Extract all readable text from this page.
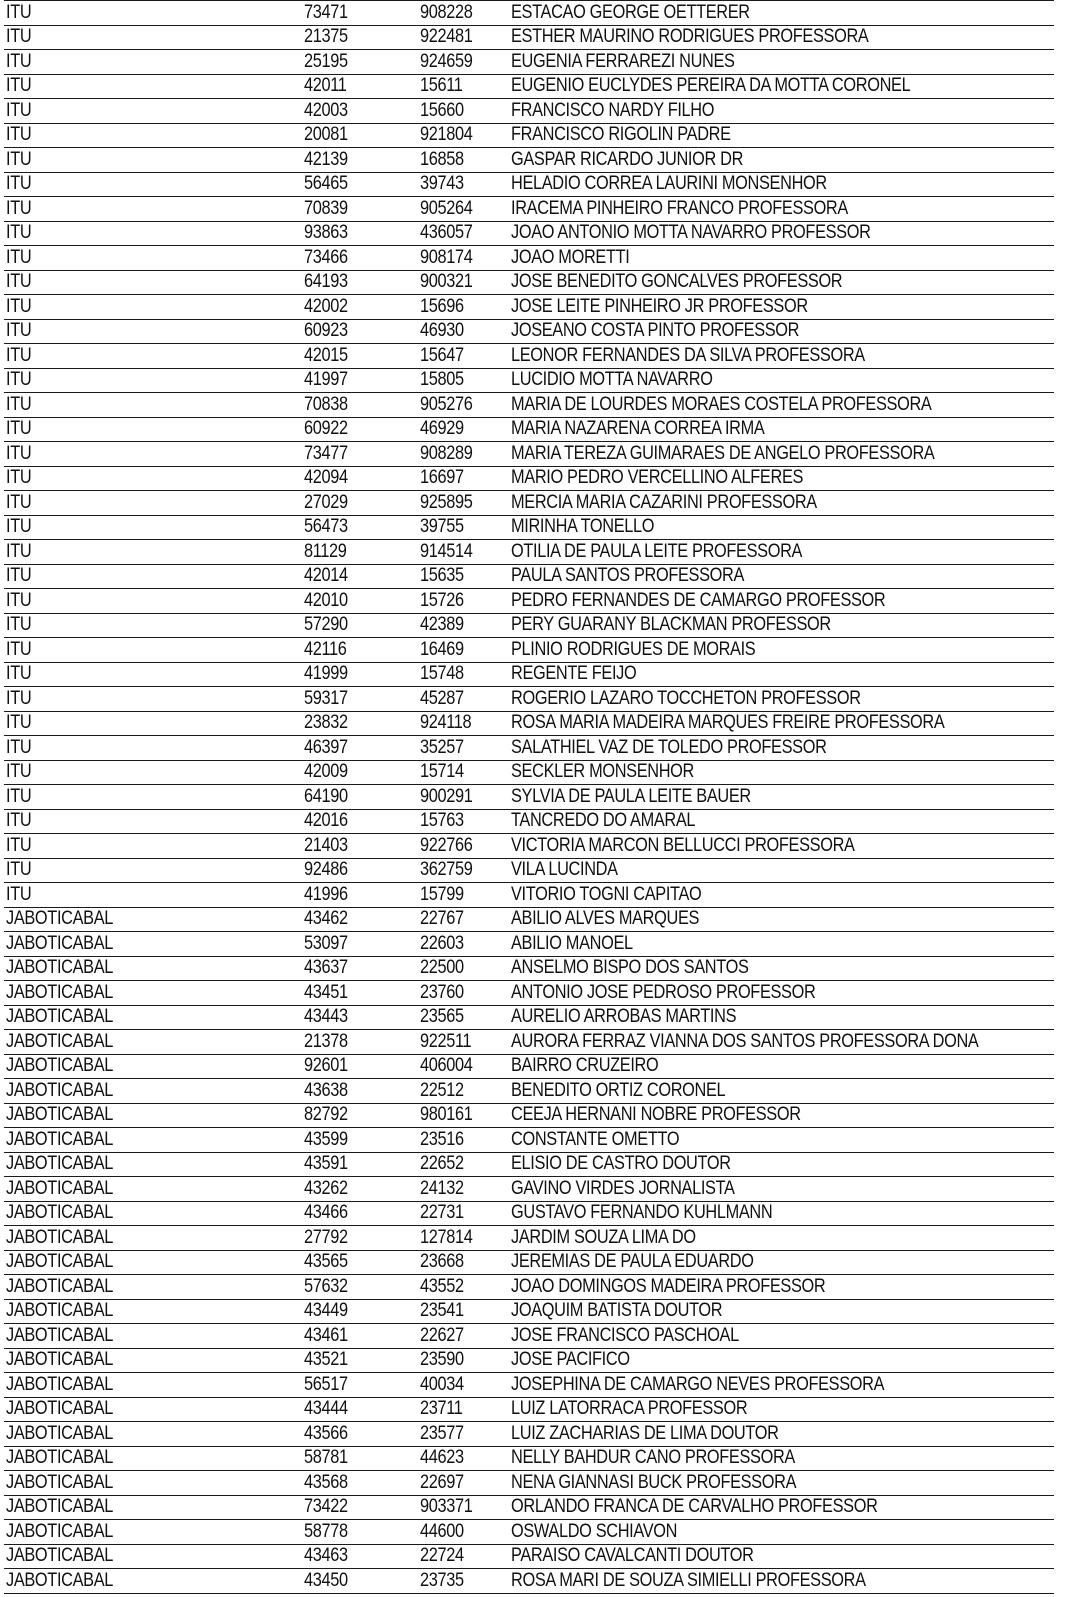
ITU	73471	908228	ESTACAO GEORGE OETTERER
ITU	21375	922481	ESTHER MAURINO RODRIGUES PROFESSORA
ITU	25195	924659	EUGENIA FERRAREZI NUNES
ITU	42011	15611	EUGENIO EUCLYDES PEREIRA DA MOTTA CORONEL
ITU	42003	15660	FRANCISCO NARDY FILHO
ITU	20081	921804	FRANCISCO RIGOLIN PADRE
ITU	42139	16858	GASPAR RICARDO JUNIOR DR
ITU	56465	39743	HELADIO CORREA LAURINI MONSENHOR
ITU	70839	905264	IRACEMA PINHEIRO FRANCO PROFESSORA
ITU	93863	436057	JOAO ANTONIO MOTTA NAVARRO PROFESSOR
ITU	73466	908174	JOAO MORETTI
ITU	64193	900321	JOSE BENEDITO GONCALVES PROFESSOR
ITU	42002	15696	JOSE LEITE PINHEIRO JR PROFESSOR
ITU	60923	46930	JOSEANO COSTA PINTO PROFESSOR
ITU	42015	15647	LEONOR FERNANDES DA SILVA PROFESSORA
ITU	41997	15805	LUCIDIO MOTTA NAVARRO
ITU	70838	905276	MARIA DE LOURDES MORAES COSTELA PROFESSORA
ITU	60922	46929	MARIA NAZARENA CORREA IRMA
ITU	73477	908289	MARIA TEREZA GUIMARAES DE ANGELO PROFESSORA
ITU	42094	16697	MARIO PEDRO VERCELLINO ALFERES
ITU	27029	925895	MERCIA MARIA CAZARINI PROFESSORA
ITU	56473	39755	MIRINHA TONELLO
ITU	81129	914514	OTILIA DE PAULA LEITE PROFESSORA
ITU	42014	15635	PAULA SANTOS PROFESSORA
ITU	42010	15726	PEDRO FERNANDES DE CAMARGO PROFESSOR
ITU	57290	42389	PERY GUARANY BLACKMAN PROFESSOR
ITU	42116	16469	PLINIO RODRIGUES DE MORAIS
ITU	41999	15748	REGENTE FEIJO
ITU	59317	45287	ROGERIO LAZARO TOCCHETON PROFESSOR
ITU	23832	924118	ROSA MARIA MADEIRA MARQUES FREIRE PROFESSORA
ITU	46397	35257	SALATHIEL VAZ DE TOLEDO PROFESSOR
ITU	42009	15714	SECKLER MONSENHOR
ITU	64190	900291	SYLVIA DE PAULA LEITE BAUER
ITU	42016	15763	TANCREDO DO AMARAL
ITU	21403	922766	VICTORIA MARCON BELLUCCI PROFESSORA
ITU	92486	362759	VILA LUCINDA
ITU	41996	15799	VITORIO TOGNI CAPITAO
JABOTICABAL	43462	22767	ABILIO ALVES MARQUES
JABOTICABAL	53097	22603	ABILIO MANOEL
JABOTICABAL	43637	22500	ANSELMO BISPO DOS SANTOS
JABOTICABAL	43451	23760	ANTONIO JOSE PEDROSO PROFESSOR
JABOTICABAL	43443	23565	AURELIO ARROBAS MARTINS
JABOTICABAL	21378	922511	AURORA FERRAZ VIANNA DOS SANTOS PROFESSORA DONA
JABOTICABAL	92601	406004	BAIRRO CRUZEIRO
JABOTICABAL	43638	22512	BENEDITO ORTIZ CORONEL
JABOTICABAL	82792	980161	CEEJA HERNANI NOBRE PROFESSOR
JABOTICABAL	43599	23516	CONSTANTE OMETTO
JABOTICABAL	43591	22652	ELISIO DE CASTRO DOUTOR
JABOTICABAL	43262	24132	GAVINO VIRDES JORNALISTA
JABOTICABAL	43466	22731	GUSTAVO FERNANDO KUHLMANN
JABOTICABAL	27792	127814	JARDIM SOUZA LIMA DO
JABOTICABAL	43565	23668	JEREMIAS DE PAULA EDUARDO
JABOTICABAL	57632	43552	JOAO DOMINGOS MADEIRA PROFESSOR
JABOTICABAL	43449	23541	JOAQUIM BATISTA DOUTOR
JABOTICABAL	43461	22627	JOSE FRANCISCO PASCHOAL
JABOTICABAL	43521	23590	JOSE PACIFICO
JABOTICABAL	56517	40034	JOSEPHINA DE CAMARGO NEVES PROFESSORA
JABOTICABAL	43444	23711	LUIZ LATORRACA PROFESSOR
JABOTICABAL	43566	23577	LUIZ ZACHARIAS DE LIMA DOUTOR
JABOTICABAL	58781	44623	NELLY BAHDUR CANO PROFESSORA
JABOTICABAL	43568	22697	NENA GIANNASI BUCK PROFESSORA
JABOTICABAL	73422	903371	ORLANDO FRANCA DE CARVALHO PROFESSOR
JABOTICABAL	58778	44600	OSWALDO SCHIAVON
JABOTICABAL	43463	22724	PARAISO CAVALCANTI DOUTOR
JABOTICABAL	43450	23735	ROSA MARI DE SOUZA SIMIELLI PROFESSORA
